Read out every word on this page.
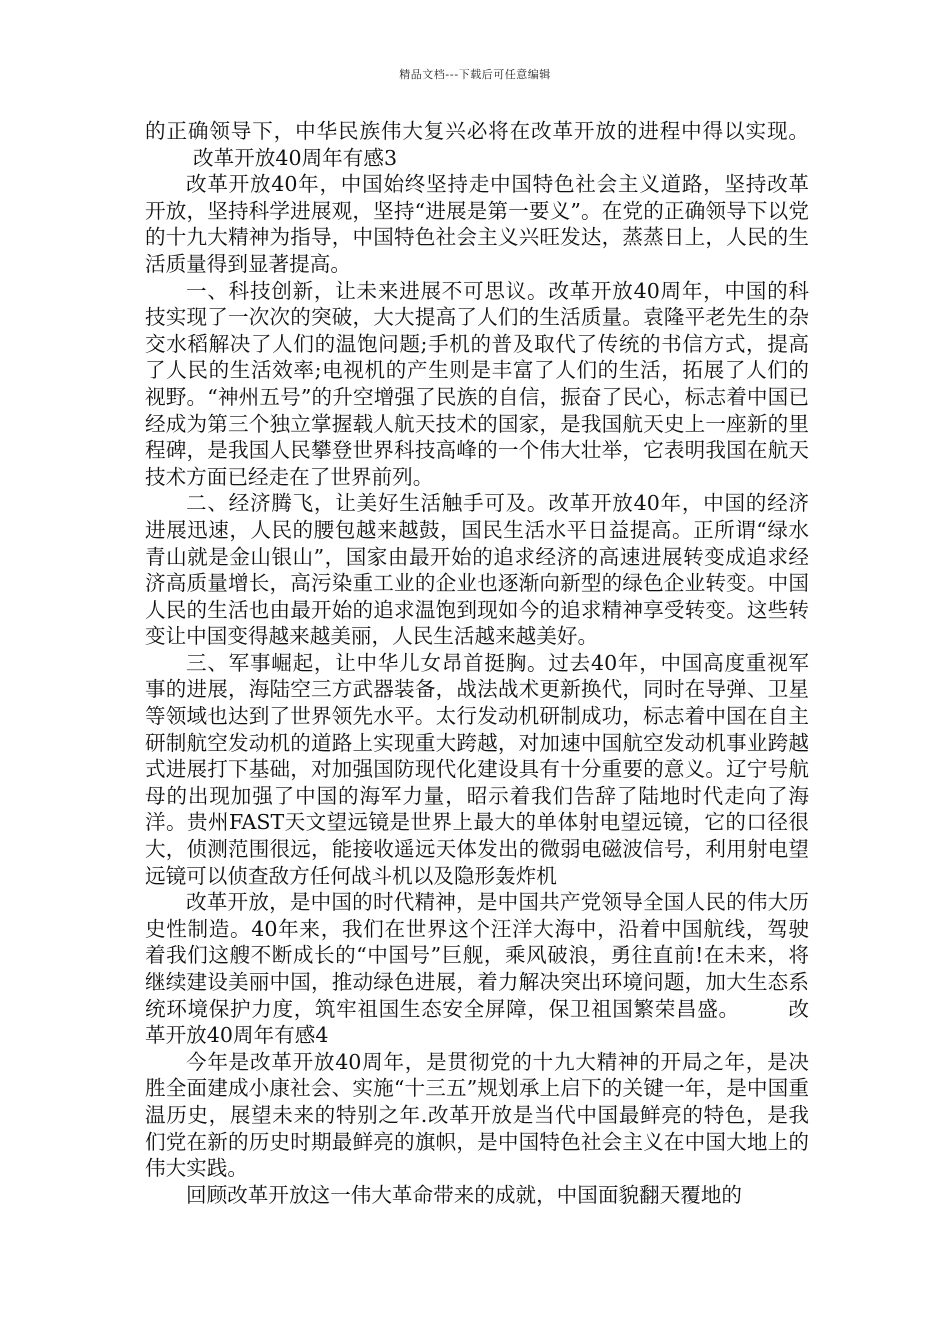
精品文档---下载后可任意编辑

的正确领导下，中华民族伟大复兴必将在改革开放的进程中得以实现。改革开放40周年有感3

改革开放40年，中国始终坚持走中国特色社会主义道路，坚持改革开放，坚持科学进展观，坚持“进展是第一要义”。在党的正确领导下以党的十九大精神为指导，中国特色社会主义兴旺发达，蒸蒸日上，人民的生活质量得到显著提高。

一、科技创新，让未来进展不可思议。改革开放40周年，中国的科技实现了一次次的突破，大大提高了人们的生活质量。袁隆平老先生的杂交水稻解决了人们的温饱问题;手机的普及取代了传统的书信方式，提高了人民的生活效率;电视机的产生则是丰富了人们的生活，拓展了人们的视野。“神州五号”的升空增强了民族的自信，振奋了民心，标志着中国已经成为第三个独立掌握载人航天技术的国家，是我国航天史上一座新的里程碑，是我国人民攀登世界科技高峰的一个伟大壮举，它表明我国在航天技术方面已经走在了世界前列。

二、经济腾飞，让美好生活触手可及。改革开放40年，中国的经济进展迅速，人民的腰包越来越鼓，国民生活水平日益提高。正所谓“绿水青山就是金山银山”，国家由最开始的追求经济的高速进展转变成追求经济高质量增长，高污染重工业的企业也逐渐向新型的绿色企业转变。中国人民的生活也由最开始的追求温饱到现如今的追求精神享受转变。这些转变让中国变得越来越美丽，人民生活越来越美好。

三、军事崛起，让中华儿女昂首挺胸。过去40年，中国高度重视军事的进展，海陆空三方武器装备，战法战术更新换代，同时在导弹、卫星等领域也达到了世界领先水平。太行发动机研制成功，标志着中国在自主研制航空发动机的道路上实现重大跨越，对加速中国航空发动机事业跨越式进展打下基础，对加强国防现代化建设具有十分重要的意义。辽宁号航母的出现加强了中国的海军力量，昭示着我们告辞了陆地时代走向了海洋。贵州FAST天文望远镜是世界上最大的单体射电望远镜，它的口径很大，侦测范围很远，能接收遥远天体发出的微弱电磁波信号，利用射电望远镜可以侦查敌方任何战斗机以及隐形轰炸机

改革开放，是中国的时代精神，是中国共产党领导全国人民的伟大历史性制造。40年来，我们在世界这个汪洋大海中，沿着中国航线，驾驶着我们这艘不断成长的“中国号”巨舰，乘风破浪，勇往直前!在未来，将继续建设美丽中国，推动绿色进展，着力解决突出环境问题，加大生态系统环境保护力度，筑牢祖国生态安全屏障，保卫祖国繁荣昌盛。 改革开放40周年有感4

今年是改革开放40周年，是贯彻党的十九大精神的开局之年，是决胜全面建成小康社会、实施“十三五”规划承上启下的关键一年，是中国重温历史，展望未来的特别之年.改革开放是当代中国最鲜亮的特色，是我们党在新的历史时期最鲜亮的旗帜，是中国特色社会主义在中国大地上的伟大实践。

回顾改革开放这一伟大革命带来的成就，中国面貌翻天覆地的
